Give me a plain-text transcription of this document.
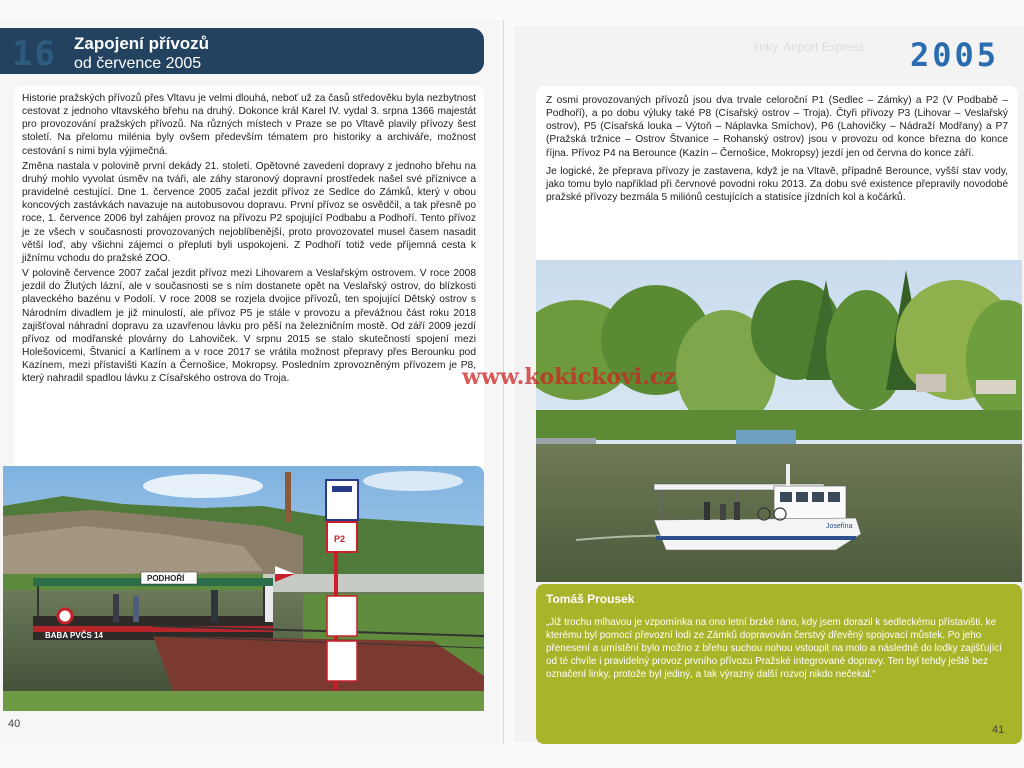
16 Zapojení přívozů
od července 2005

Historie pražských přívozů přes Vltavu je velmi dlouhá, neboť už za časů středověku byla nezbytnost cestovat z jednoho vltavského břehu na druhý. Dokonce král Karel IV. vydal 3. srpna 1366 majestát pro provozování pražských přívozů. Na různých místech v Praze se po Vltavě plavily přívozy šest století. Na přelomu milénia byly ovšem především tématem pro historiky a archiváře, možnost cestování s nimi byla výjimečná.

Změna nastala v polovině první dekády 21. století. Opětovné zavedení dopravy z jednoho břehu na druhý mohlo vyvolat úsměv na tváři, ale záhy staronový dopravní prostředek našel své příznivce a pravidelné cestující. Dne 1. července 2005 začal jezdit přívoz ze Sedlce do Zámků, který v obou koncových zastávkách navazuje na autobusovou dopravu. První přívoz se osvědčil, a tak přesně po roce, 1. července 2006 byl zahájen provoz na přívozu P2 spojující Podbabu a Podhoří. Tento přívoz je ze všech v současnosti provozovaných nejoblíbenější, proto provozovatel musel časem nasadit větší loď, aby všichni zájemci o přepluti byli uspokojeni. Z Podhoří totiž vede příjemná cesta k jižnímu vchodu do pražské ZOO.

V polovině července 2007 začal jezdit přívoz mezi Lihovarem a Veslařským ostrovem. V roce 2008 jezdil do Žlutých lázní, ale v současnosti se s ním dostanete opět na Veslařský ostrov, do blízkosti plaveckého bazénu v Podolí. V roce 2008 se rozjela dvojice přívozů, ten spojující Dětský ostrov s Národním divadlem je již minulostí, ale přívoz P5 je stále v provozu a převážnou část roku 2018 zajišťoval náhradní dopravu za uzavřenou lávku pro pěší na železničním mostě. Od září 2009 jezdí přívoz od modřanské plovárny do Lahoviček. V srpnu 2015 se stalo skutečností spojení mezi Holešovicemi, Štvanicí a Karlínem a v roce 2017 se vrátila možnost přepravy přes Berounku pod Kazínem, mezi přístavišti Kazín a Černošice, Mokropsy. Posledním zprovozněným přívozem je P8, který nahradil spadlou lávku z Císařského ostrova do Troja.

BABA PVČS 14
PODHOŘÍ
P2
40
linky, Airport Express 2005

Z osmi provozovaných přívozů jsou dva trvale celoroční P1 (Sedlec – Zámky) a P2 (V Podbabě – Podhoří), a po dobu výluky také P8 (Císařský ostrov – Troja). Čtyři přívozy P3 (Lihovar – Veslařský ostrov), P5 (Císařská louka – Výtoň – Náplavka Smíchov), P6 (Lahovičky – Nádraží Modřany) a P7 (Pražská tržnice – Ostrov Štvanice – Rohanský ostrov) jsou v provozu od konce března do konce října. Přívoz P4 na Berounce (Kazín – Černošice, Mokropsy) jezdí jen od června do konce září.

Je logické, že přeprava přívozy je zastavena, když je na Vltavě, případně Berounce, vyšší stav vody, jako tomu bylo například při červnové povodni roku 2013. Za dobu své existence přepravily novodobé pražské přívozy bezmála 5 miliónů cestujících a statisíce jízdních kol a kočárků.

Josefína
Tomáš Prousek
„Již trochu mlhavou je vzpomínka na ono letní brzké ráno, kdy jsem dorazil k sedleckému přístavišti, ke kterému byl pomocí převozní lodi ze Zámků dopravován čerstvý dřevěný spojovací můstek. Po jeho přenesení a umístění bylo možno z břehu suchou nohou vstoupit na molo a následně do lodky zajišťující od té chvíle i pravidelný provoz prvního přívozu Pražské integrované dopravy. Ten byl tehdy ještě bez označení linky, protože byl jediný, a tak výrazný další rozvoj nikdo nečekal.“
41
www.kokickovi.cz
